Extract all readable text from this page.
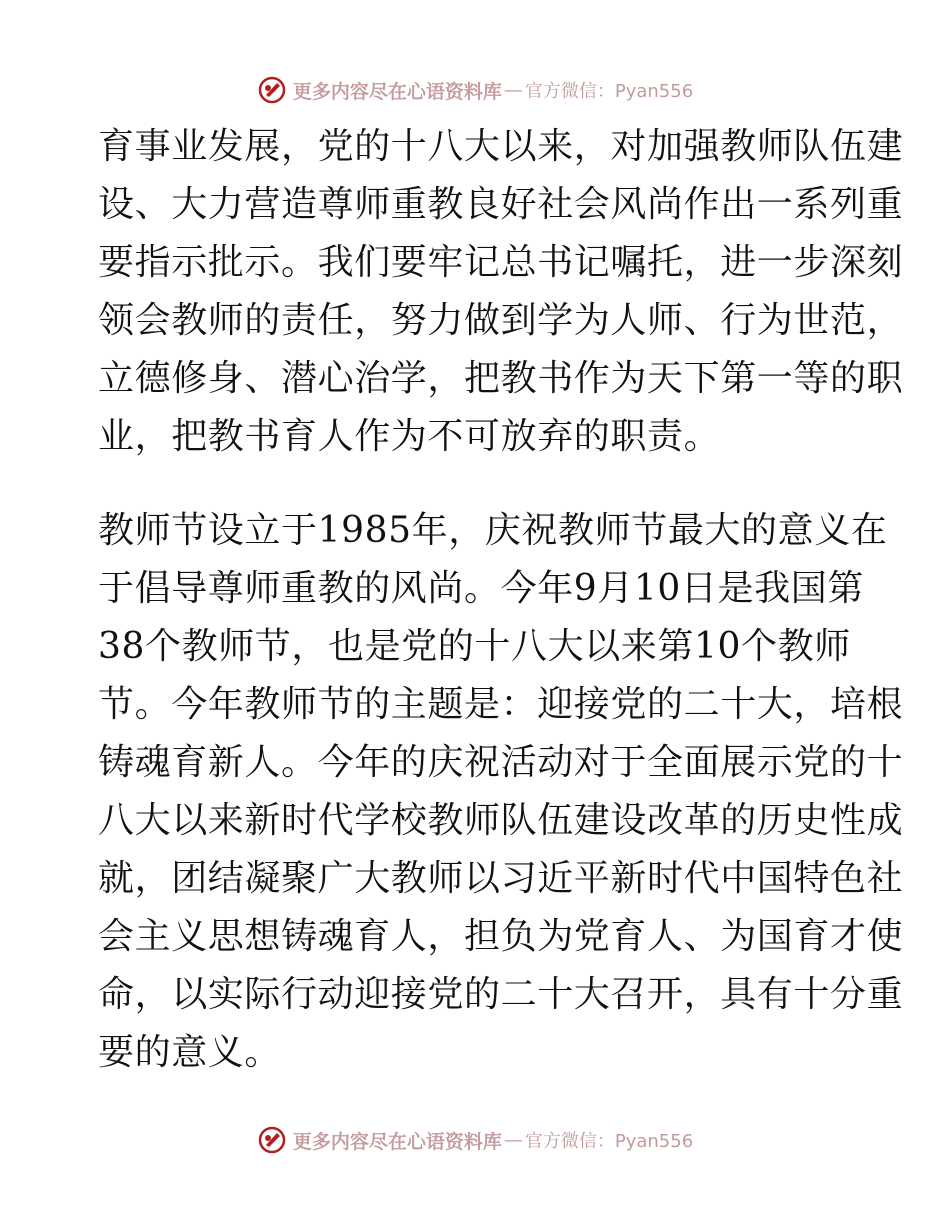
更多内容尽在心语资料库 — 官方微信：Pyan556
育事业发展，党的十八大以来，对加强教师队伍建
设、大力营造尊师重教良好社会风尚作出一系列重
要指示批示。我们要牢记总书记嘱托，进一步深刻
领会教师的责任，努力做到学为人师、行为世范，
立德修身、潜心治学，把教书作为天下第一等的职
业，把教书育人作为不可放弃的职责。
教师节设立于1985年，庆祝教师节最大的意义在
于倡导尊师重教的风尚。今年9月10日是我国第
38个教师节，也是党的十八大以来第10个教师
节。今年教师节的主题是：迎接党的二十大，培根
铸魂育新人。今年的庆祝活动对于全面展示党的十
八大以来新时代学校教师队伍建设改革的历史性成
就，团结凝聚广大教师以习近平新时代中国特色社
会主义思想铸魂育人，担负为党育人、为国育才使
命，以实际行动迎接党的二十大召开，具有十分重
要的意义。
更多内容尽在心语资料库 — 官方微信：Pyan556
